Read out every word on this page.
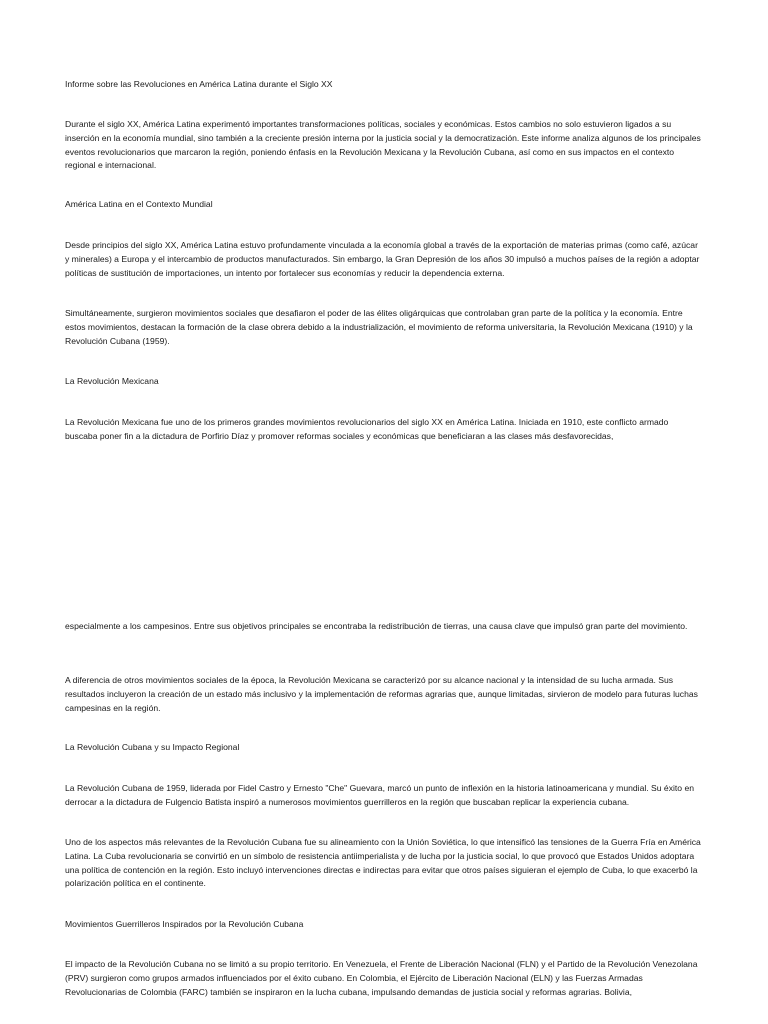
Informe sobre las Revoluciones en América Latina durante el Siglo XX

Durante el siglo XX, América Latina experimentó importantes transformaciones políticas, sociales y económicas. Estos cambios no solo estuvieron ligados a su inserción en la economía mundial, sino también a la creciente presión interna por la justicia social y la democratización. Este informe analiza algunos de los principales eventos revolucionarios que marcaron la región, poniendo énfasis en la Revolución Mexicana y la Revolución Cubana, así como en sus impactos en el contexto regional e internacional.

América Latina en el Contexto Mundial

Desde principios del siglo XX, América Latina estuvo profundamente vinculada a la economía global a través de la exportación de materias primas (como café, azúcar y minerales) a Europa y el intercambio de productos manufacturados. Sin embargo, la Gran Depresión de los años 30 impulsó a muchos países de la región a adoptar políticas de sustitución de importaciones, un intento por fortalecer sus economías y reducir la dependencia externa.

Simultáneamente, surgieron movimientos sociales que desafiaron el poder de las élites oligárquicas que controlaban gran parte de la política y la economía. Entre estos movimientos, destacan la formación de la clase obrera debido a la industrialización, el movimiento de reforma universitaria, la Revolución Mexicana (1910) y la Revolución Cubana (1959).

La Revolución Mexicana

La Revolución Mexicana fue uno de los primeros grandes movimientos revolucionarios del siglo XX en América Latina. Iniciada en 1910, este conflicto armado buscaba poner fin a la dictadura de Porfirio Díaz y promover reformas sociales y económicas que beneficiaran a las clases más desfavorecidas,

especialmente a los campesinos. Entre sus objetivos principales se encontraba la redistribución de tierras, una causa clave que impulsó gran parte del movimiento.

A diferencia de otros movimientos sociales de la época, la Revolución Mexicana se caracterizó por su alcance nacional y la intensidad de su lucha armada. Sus resultados incluyeron la creación de un estado más inclusivo y la implementación de reformas agrarias que, aunque limitadas, sirvieron de modelo para futuras luchas campesinas en la región.

La Revolución Cubana y su Impacto Regional

La Revolución Cubana de 1959, liderada por Fidel Castro y Ernesto "Che" Guevara, marcó un punto de inflexión en la historia latinoamericana y mundial. Su éxito en derrocar a la dictadura de Fulgencio Batista inspiró a numerosos movimientos guerrilleros en la región que buscaban replicar la experiencia cubana.

Uno de los aspectos más relevantes de la Revolución Cubana fue su alineamiento con la Unión Soviética, lo que intensificó las tensiones de la Guerra Fría en América Latina. La Cuba revolucionaria se convirtió en un símbolo de resistencia antiimperialista y de lucha por la justicia social, lo que provocó que Estados Unidos adoptara una política de contención en la región. Esto incluyó intervenciones directas e indirectas para evitar que otros países siguieran el ejemplo de Cuba, lo que exacerbó la polarización política en el continente.

Movimientos Guerrilleros Inspirados por la Revolución Cubana

El impacto de la Revolución Cubana no se limitó a su propio territorio. En Venezuela, el Frente de Liberación Nacional (FLN) y el Partido de la Revolución Venezolana (PRV) surgieron como grupos armados influenciados por el éxito cubano. En Colombia, el Ejército de Liberación Nacional (ELN) y las Fuerzas Armadas Revolucionarias de Colombia (FARC) también se inspiraron en la lucha cubana, impulsando demandas de justicia social y reformas agrarias. Bolivia,
